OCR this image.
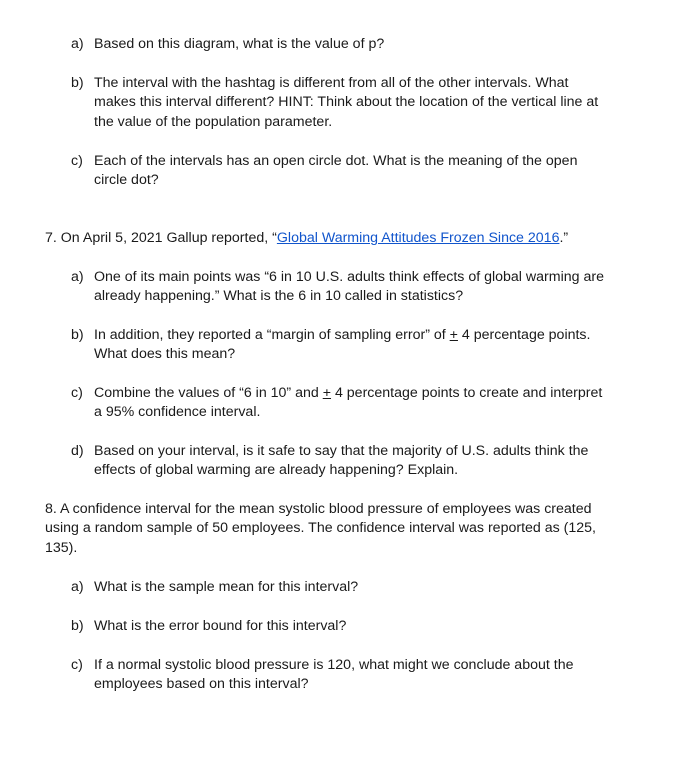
a) Based on this diagram, what is the value of p?
b) The interval with the hashtag is different from all of the other intervals. What
makes this interval different? HINT: Think about the location of the vertical line at
the value of the population parameter.
c) Each of the intervals has an open circle dot. What is the meaning of the open
circle dot?
7. On April 5, 2021 Gallup reported, “Global Warming Attitudes Frozen Since 2016.”
a) One of its main points was “6 in 10 U.S. adults think effects of global warming are
already happening.” What is the 6 in 10 called in statistics?
b) In addition, they reported a “margin of sampling error” of + 4 percentage points.
What does this mean?
c) Combine the values of “6 in 10” and + 4 percentage points to create and interpret
a 95% confidence interval.
d) Based on your interval, is it safe to say that the majority of U.S. adults think the
effects of global warming are already happening? Explain.
8. A confidence interval for the mean systolic blood pressure of employees was created
using a random sample of 50 employees. The confidence interval was reported as (125,
135).
a) What is the sample mean for this interval?
b) What is the error bound for this interval?
c) If a normal systolic blood pressure is 120, what might we conclude about the
employees based on this interval?
